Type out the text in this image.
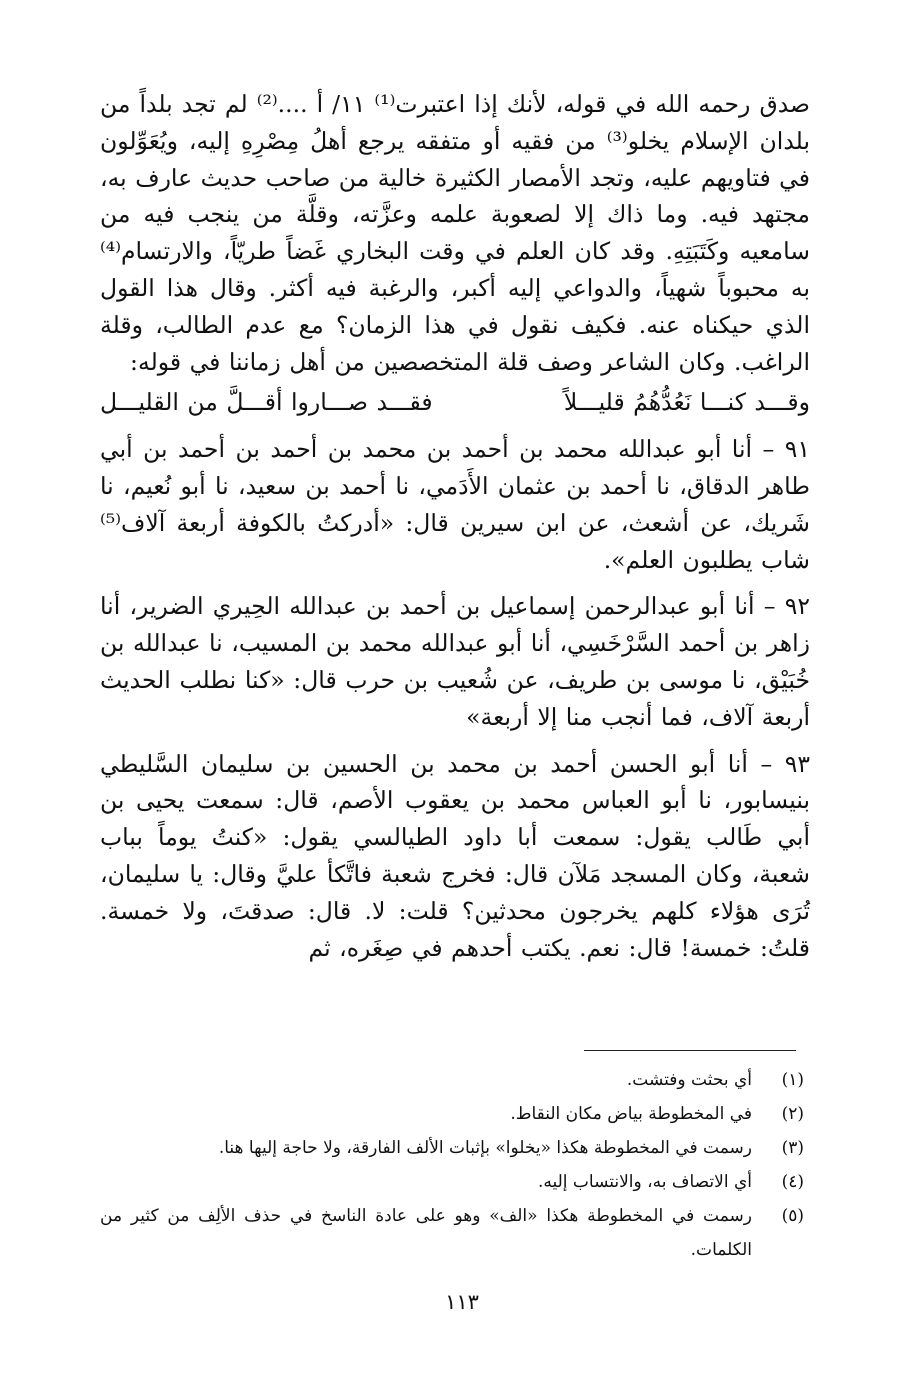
صدق رحمه الله في قوله، لأنك إذا اعتبرت⁽¹⁾ ١١/ أ ....⁽²⁾ لم تجد بلداً من بلدان الإسلام يخلو⁽³⁾ من فقيه أو متفقه يرجع أهلُ مِصْرِهِ إليه، ويُعَوِّلون في فتاويهم عليه، وتجد الأمصار الكثيرة خالية من صاحب حديث عارف به، مجتهد فيه. وما ذاك إلا لصعوبة علمه وعزَّته، وقلَّة من ينجب فيه من سامعيه وكَتَبَتِهِ. وقد كان العلم في وقت البخاري غَضاً طريّاً، والارتسام⁽⁴⁾ به محبوباً شهياً، والدواعي إليه أكبر، والرغبة فيه أكثر. وقال هذا القول الذي حيكناه عنه. فكيف نقول في هذا الزمان؟ مع عدم الطالب، وقلة الراغب. وكان الشاعر وصف قلة المتخصصين من أهل زماننا في قوله:

وقـــد كنـــا نَعُدُّهُمُ قليـــلاً
فقـــد صـــاروا أقـــلَّ من القليـــل

٩١ – أنا أبو عبدالله محمد بن أحمد بن محمد بن أحمد بن أحمد بن أبي طاهر الدقاق، نا أحمد بن عثمان الأَدَمي، نا أحمد بن سعيد، نا أبو نُعيم، نا شَريك، عن أشعث، عن ابن سيرين قال: «أدركتُ بالكوفة أربعة آلاف⁽⁵⁾ شاب يطلبون العلم».

٩٢ – أنا أبو عبدالرحمن إسماعيل بن أحمد بن عبدالله الحِيري الضرير، أنا زاهر بن أحمد السَّرْخَسِي، أنا أبو عبدالله محمد بن المسيب، نا عبدالله بن خُبَيْق، نا موسى بن طريف، عن شُعيب بن حرب قال: «كنا نطلب الحديث أربعة آلاف، فما أنجب منا إلا أربعة»

٩٣ – أنا أبو الحسن أحمد بن محمد بن الحسين بن سليمان السَّليطي بنيسابور، نا أبو العباس محمد بن يعقوب الأصم، قال: سمعت يحيى بن أبي طَالب يقول: سمعت أبا داود الطيالسي يقول: «كنتُ يوماً بباب شعبة، وكان المسجد مَلآن قال: فخرج شعبة فاتَّكأ عليَّ وقال: يا سليمان، تُرَى هؤلاء كلهم يخرجون محدثين؟ قلت: لا. قال: صدقتَ، ولا خمسة. قلتُ: خمسة! قال: نعم. يكتب أحدهم في صِغَره، ثم

(١)
أي بحثت وفتشت.
(٢)
في المخطوطة بياض مكان النقاط.
(٣)
رسمت في المخطوطة هكذا «يخلوا» بإثبات الألف الفارقة، ولا حاجة إليها هنا.
(٤)
أي الاتصاف به، والانتساب إليه.
(٥)
رسمت في المخطوطة هكذا «الف» وهو على عادة الناسخ في حذف الألِف من كثير من الكلمات.
١١٣
